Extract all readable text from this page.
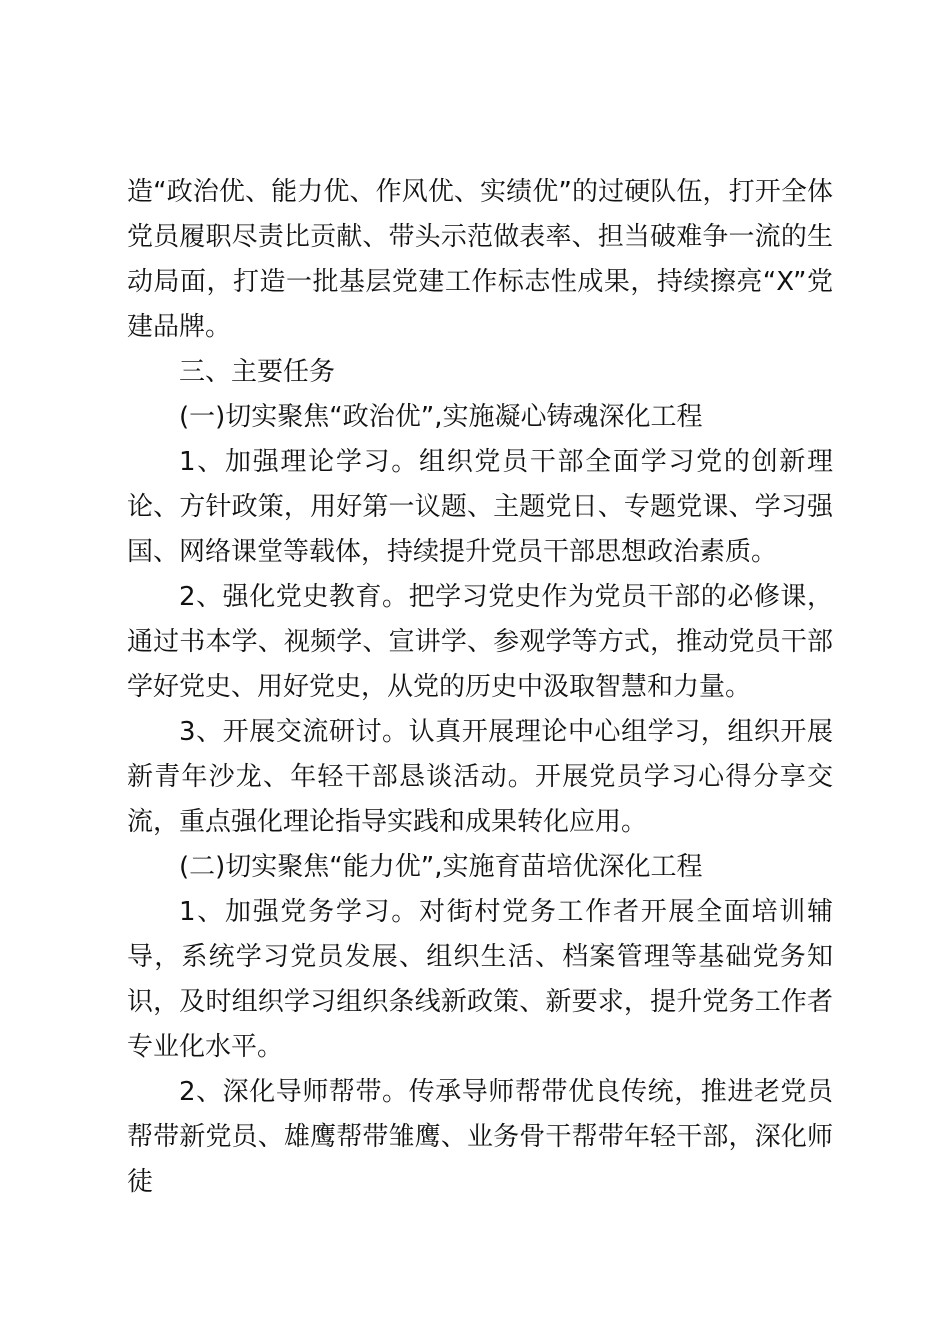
造“政治优、能力优、作风优、实绩优”的过硬队伍，打开全体党员履职尽责比贡献、带头示范做表率、担当破难争一流的生动局面，打造一批基层党建工作标志性成果，持续擦亮“X”党建品牌。

三、主要任务

(一)切实聚焦“政治优”,实施凝心铸魂深化工程

1、加强理论学习。组织党员干部全面学习党的创新理论、方针政策，用好第一议题、主题党日、专题党课、学习强国、网络课堂等载体，持续提升党员干部思想政治素质。

2、强化党史教育。把学习党史作为党员干部的必修课，通过书本学、视频学、宣讲学、参观学等方式，推动党员干部学好党史、用好党史，从党的历史中汲取智慧和力量。

3、开展交流研讨。认真开展理论中心组学习，组织开展新青年沙龙、年轻干部恳谈活动。开展党员学习心得分享交流，重点强化理论指导实践和成果转化应用。

(二)切实聚焦“能力优”,实施育苗培优深化工程

1、加强党务学习。对街村党务工作者开展全面培训辅导，系统学习党员发展、组织生活、档案管理等基础党务知识，及时组织学习组织条线新政策、新要求，提升党务工作者专业化水平。

2、深化导师帮带。传承导师帮带优良传统，推进老党员帮带新党员、雄鹰帮带雏鹰、业务骨干帮带年轻干部，深化师徒
